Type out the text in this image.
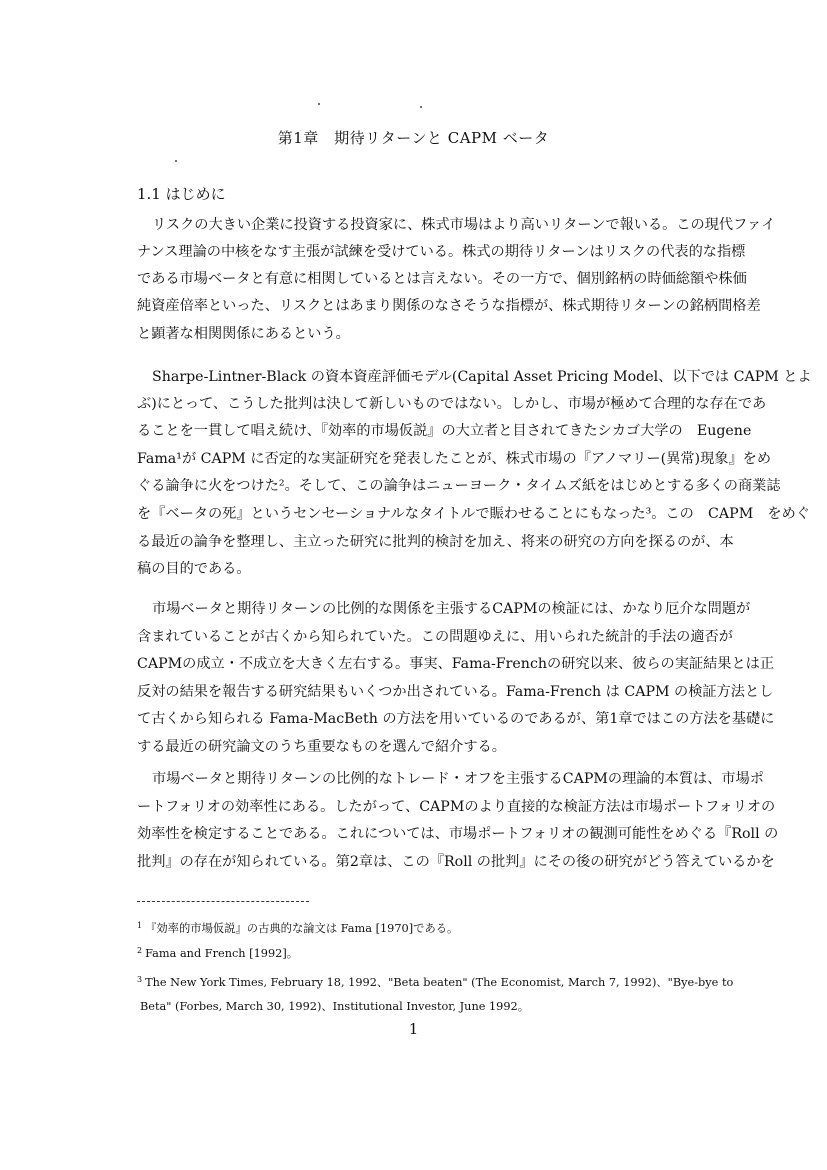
第1章　期待リターンと CAPM ベータ
1.1 はじめに
リスクの大きい企業に投資する投資家に、株式市場はより高いリターンで報いる。この現代ファイ
ナンス理論の中核をなす主張が試練を受けている。株式の期待リターンはリスクの代表的な指標
である市場ベータと有意に相関しているとは言えない。その一方で、個別銘柄の時価総額や株価
純資産倍率といった、リスクとはあまり関係のなさそうな指標が、株式期待リターンの銘柄間格差
と顕著な相関関係にあるという。
Sharpe-Lintner-Black の資本資産評価モデル(Capital Asset Pricing Model、以下では CAPM とよ
ぶ)にとって、こうした批判は決して新しいものではない。しかし、市場が極めて合理的な存在であ
ることを一貫して唱え続け、『効率的市場仮説』の大立者と目されてきたシカゴ大学の　Eugene
Fama¹が CAPM に否定的な実証研究を発表したことが、株式市場の『アノマリー(異常)現象』をめ
ぐる論争に火をつけた²。そして、この論争はニューヨーク・タイムズ紙をはじめとする多くの商業誌
を『ベータの死』というセンセーショナルなタイトルで賑わせることにもなった³。この　CAPM　をめぐ
る最近の論争を整理し、主立った研究に批判的検討を加え、将来の研究の方向を探るのが、本
稿の目的である。
市場ベータと期待リターンの比例的な関係を主張するCAPMの検証には、かなり厄介な問題が
含まれていることが古くから知られていた。この問題ゆえに、用いられた統計的手法の適否が
CAPMの成立・不成立を大きく左右する。事実、Fama-Frenchの研究以来、彼らの実証結果とは正
反対の結果を報告する研究結果もいくつか出されている。Fama-French は CAPM の検証方法とし
て古くから知られる Fama-MacBeth の方法を用いているのであるが、第1章ではこの方法を基礎に
する最近の研究論文のうち重要なものを選んで紹介する。
市場ベータと期待リターンの比例的なトレード・オフを主張するCAPMの理論的本質は、市場ポ
ートフォリオの効率性にある。したがって、CAPMのより直接的な検証方法は市場ポートフォリオの
効率性を検定することである。これについては、市場ポートフォリオの観測可能性をめぐる『Roll の
批判』の存在が知られている。第2章は、この『Roll の批判』にその後の研究がどう答えているかを
$^1$ 『効率的市場仮説』の古典的な論文は Fama [1970]である。
$^2$ Fama and French [1992]。
$^3$ The New York Times, February 18, 1992、"Beta beaten" (The Economist, March 7, 1992)、"Bye-bye to
Beta" (Forbes, March 30, 1992)、Institutional Investor, June 1992。
1
